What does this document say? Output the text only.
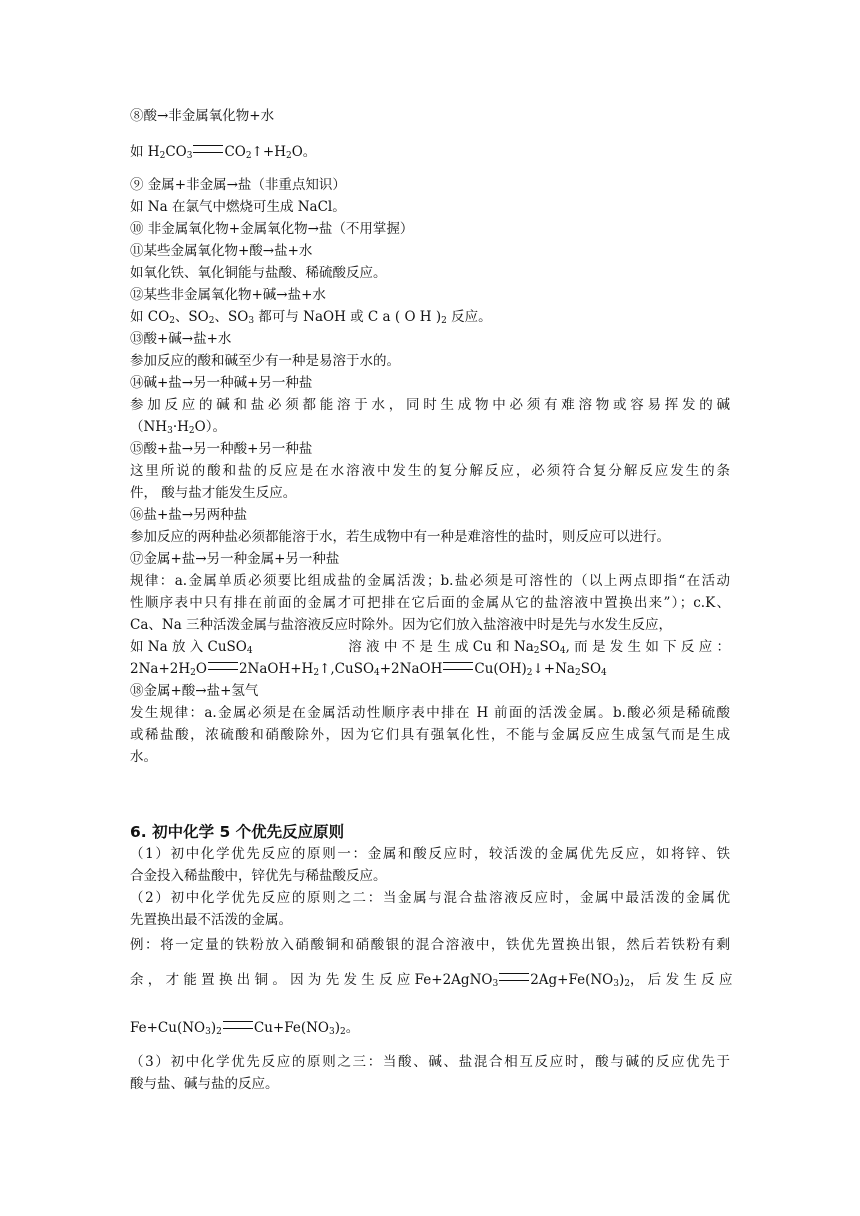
⑧酸→非金属氧化物+水
如 $H_2CO_3$ $CO_2↑+H_2O$。
⑨ 金属+非金属→盐（非重点知识）
如 Na 在氯气中燃烧可生成 NaCl。
⑩ 非金属氧化物+金属氧化物→盐（不用掌握）
⑪某些金属氧化物+酸→盐+水
如氧化铁、氧化铜能与盐酸、稀硫酸反应。
⑫某些非金属氧化物+碱→盐+水
如 $CO_2$、$SO_2$、$SO_3$ 都可与 NaOH 或 C a ( O H )$_2$ 反应。
⑬酸+碱→盐+水
参加反应的酸和碱至少有一种是易溶于水的。
⑭碱+盐→另一种碱+另一种盐
参加反应的碱和盐必须都能溶于水，同时生成物中必须有难溶物或容易挥发的碱
$(NH_3\cdot H_2O)$。
⑮酸+盐→另一种酸+另一种盐
这里所说的酸和盐的反应是在水溶液中发生的复分解反应，必须符合复分解反应发生的条
件， 酸与盐才能发生反应。
⑯盐+盐→另两种盐
参加反应的两种盐必须都能溶于水，若生成物中有一种是难溶性的盐时，则反应可以进行。
⑰金属+盐→另一种金属+另一种盐
规律：a.金属单质必须要比组成盐的金属活泼；b.盐必须是可溶性的（以上两点即指“在活动
性顺序表中只有排在前面的金属才可把排在它后面的金属从它的盐溶液中置换出来”）；c.K、
Ca、Na 三种活泼金属与盐溶液反应时除外。因为它们放入盐溶液中时是先与水发生反应，
如 Na 放 入 CuSO$_4$	溶 液 中 不 是 生 成 Cu 和 $Na_2SO_4$, 而 是 发 生 如 下 反 应 ：
$2Na+2H_2O$ $2NaOH+H_2↑,CuSO_4+2NaOH$ $Cu(OH)_2↓+Na_2SO_4$
⑱金属+酸→盐+氢气
发生规律：a.金属必须是在金属活动性顺序表中排在 H 前面的活泼金属。b.酸必须是稀硫酸
或稀盐酸，浓硫酸和硝酸除外，因为它们具有强氧化性，不能与金属反应生成氢气而是生成
水。
6. 初中化学 5 个优先反应原则
（1）初中化学优先反应的原则一：金属和酸反应时，较活泼的金属优先反应，如将锌、铁
合金投入稀盐酸中，锌优先与稀盐酸反应。
（2）初中化学优先反应的原则之二：当金属与混合盐溶液反应时，金属中最活泼的金属优
先置换出最不活泼的金属。
例：将一定量的铁粉放入硝酸铜和硝酸银的混合溶液中，铁优先置换出银，然后若铁粉有剩
余 ， 才 能 置 换 出 铜 。 因 为 先 发 生 反 应 Fe+2AgNO$_3$ $2Ag+Fe(NO_3)_2$ ， 后 发 生 反 应
$Fe+Cu(NO_3)_2$ $Cu+Fe(NO_3)_2$。
（3）初中化学优先反应的原则之三：当酸、碱、盐混合相互反应时，酸与碱的反应优先于
酸与盐、碱与盐的反应。
